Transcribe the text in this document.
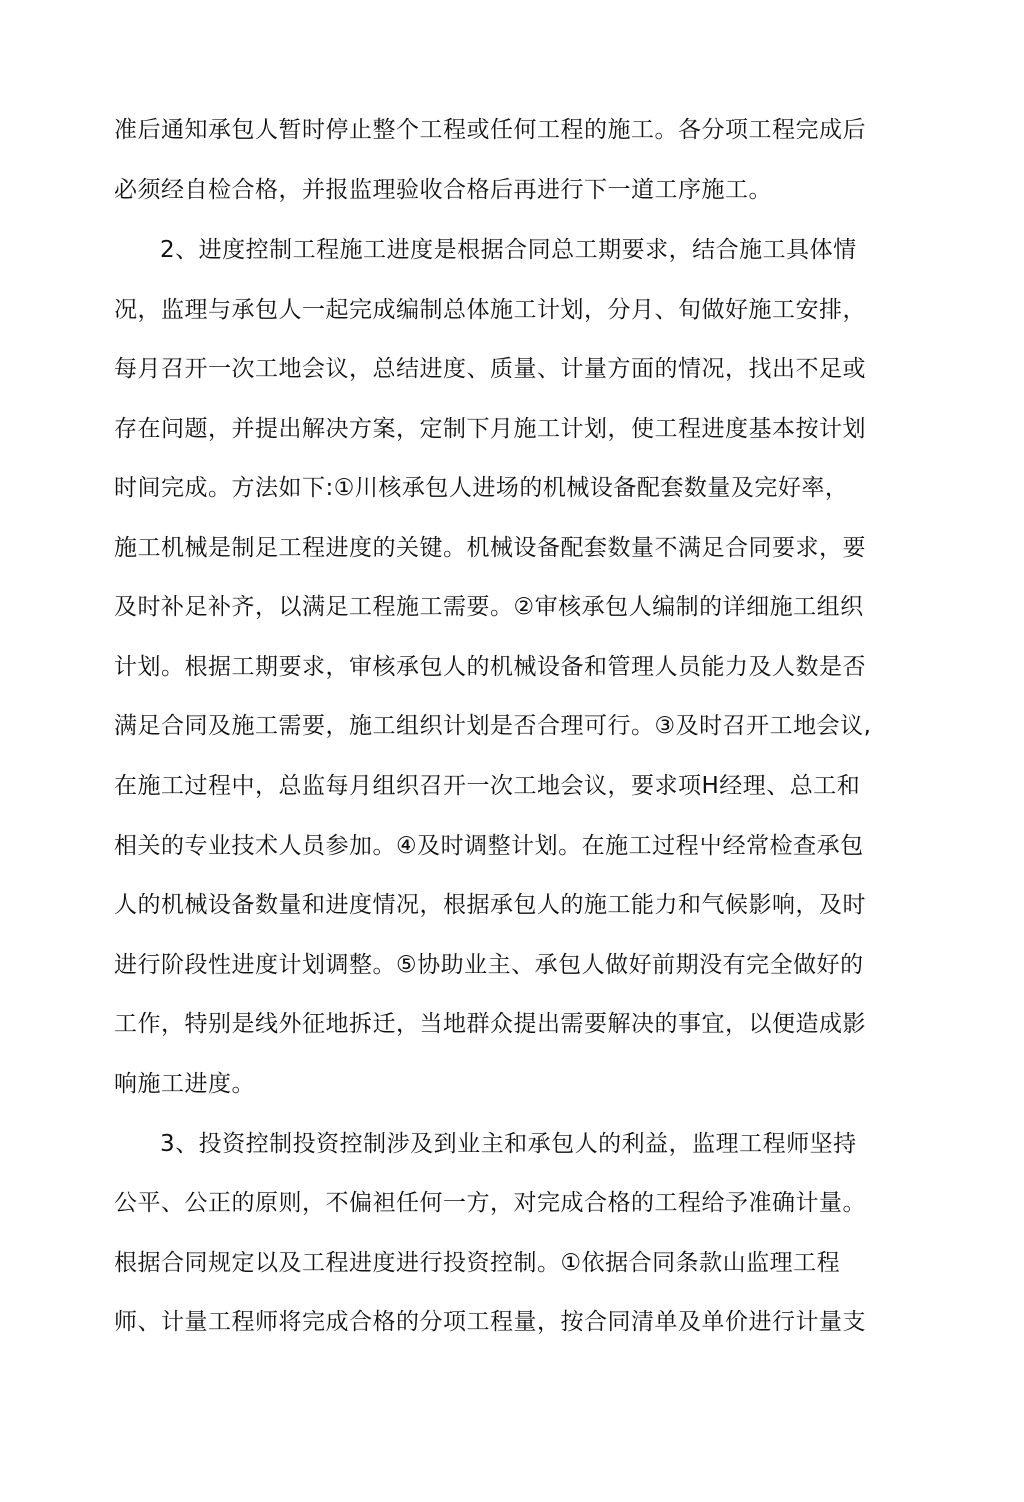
准后通知承包人暂时停止整个工程或任何工程的施工。各分项工程完成后
必须经自检合格，并报监理验收合格后再进行下一道工序施工。
2、进度控制工程施工进度是根据合同总工期要求，结合施工具体情
况，监理与承包人一起完成编制总体施工计划，分月、旬做好施工安排，
每月召开一次工地会议，总结进度、质量、计量方面的情况，找出不足或
存在问题，并提出解决方案，定制下月施工计划，使工程进度基本按计划
时间完成。方法如下:①川核承包人进场的机械设备配套数量及完好率，
施工机械是制足工程进度的关键。机械设备配套数量不满足合同要求，要
及时补足补齐，以满足工程施工需要。②审核承包人编制的详细施工组织
计划。根据工期要求，审核承包人的机械设备和管理人员能力及人数是否
满足合同及施工需要，施工组织计划是否合理可行。③及时召开工地会议,
在施工过程中，总监每月组织召开一次工地会议，要求项H经理、总工和
相关的专业技术人员参加。④及时调整计划。在施工过程屮经常检查承包
人的机械设备数量和进度情况，根据承包人的施工能力和气候影响，及时
进行阶段性进度计划调整。⑤协助业主、承包人做好前期没有完全做好的
工作，特别是线外征地拆迁，当地群众提出需要解决的事宜，以便造成影
响施工进度。
3、投资控制投资控制涉及到业主和承包人的利益，监理工程师坚持
公平、公正的原则，不偏袒任何一方，对完成合格的工程给予准确计量。
根据合同规定以及工程进度进行投资控制。①依据合同条款山监理工程
师、计量工程师将完成合格的分项工程量，按合同清单及单价进行计量支
